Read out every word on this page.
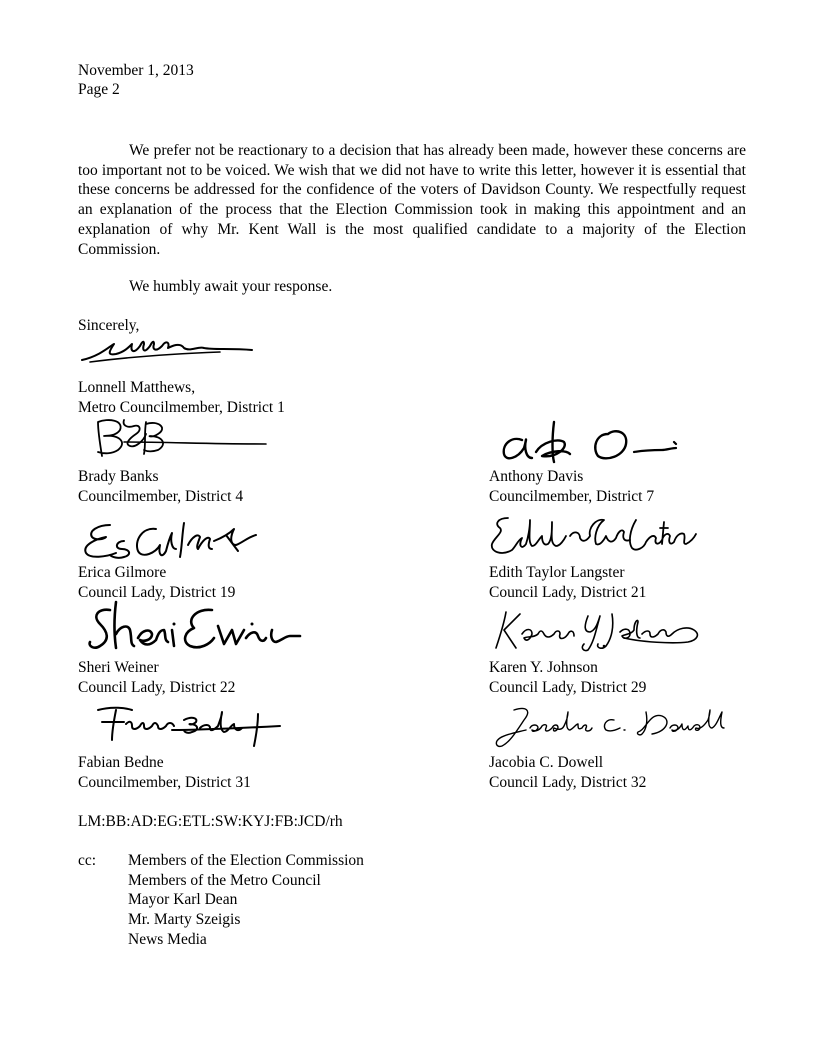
November 1, 2013
Page 2
We prefer not be reactionary to a decision that has already been made, however these concerns are too important not to be voiced. We wish that we did not have to write this letter, however it is essential that these concerns be addressed for the confidence of the voters of Davidson County. We respectfully request an explanation of the process that the Election Commission took in making this appointment and an explanation of why Mr. Kent Wall is the most qualified candidate to a majority of the Election Commission.
We humbly await your response.
Sincerely,
Lonnell Matthews,
Metro Councilmember, District 1
Brady Banks
Councilmember, District 4
Anthony Davis
Councilmember, District 7
Erica Gilmore
Council Lady, District 19
Edith Taylor Langster
Council Lady, District 21
Sheri Weiner
Council Lady, District 22
Karen Y. Johnson
Council Lady, District 29
Fabian Bedne
Councilmember, District 31
Jacobia C. Dowell
Council Lady, District 32
LM:BB:AD:EG:ETL:SW:KYJ:FB:JCD/rh
cc: Members of the Election Commission
Members of the Metro Council
Mayor Karl Dean
Mr. Marty Szeigis
News Media
